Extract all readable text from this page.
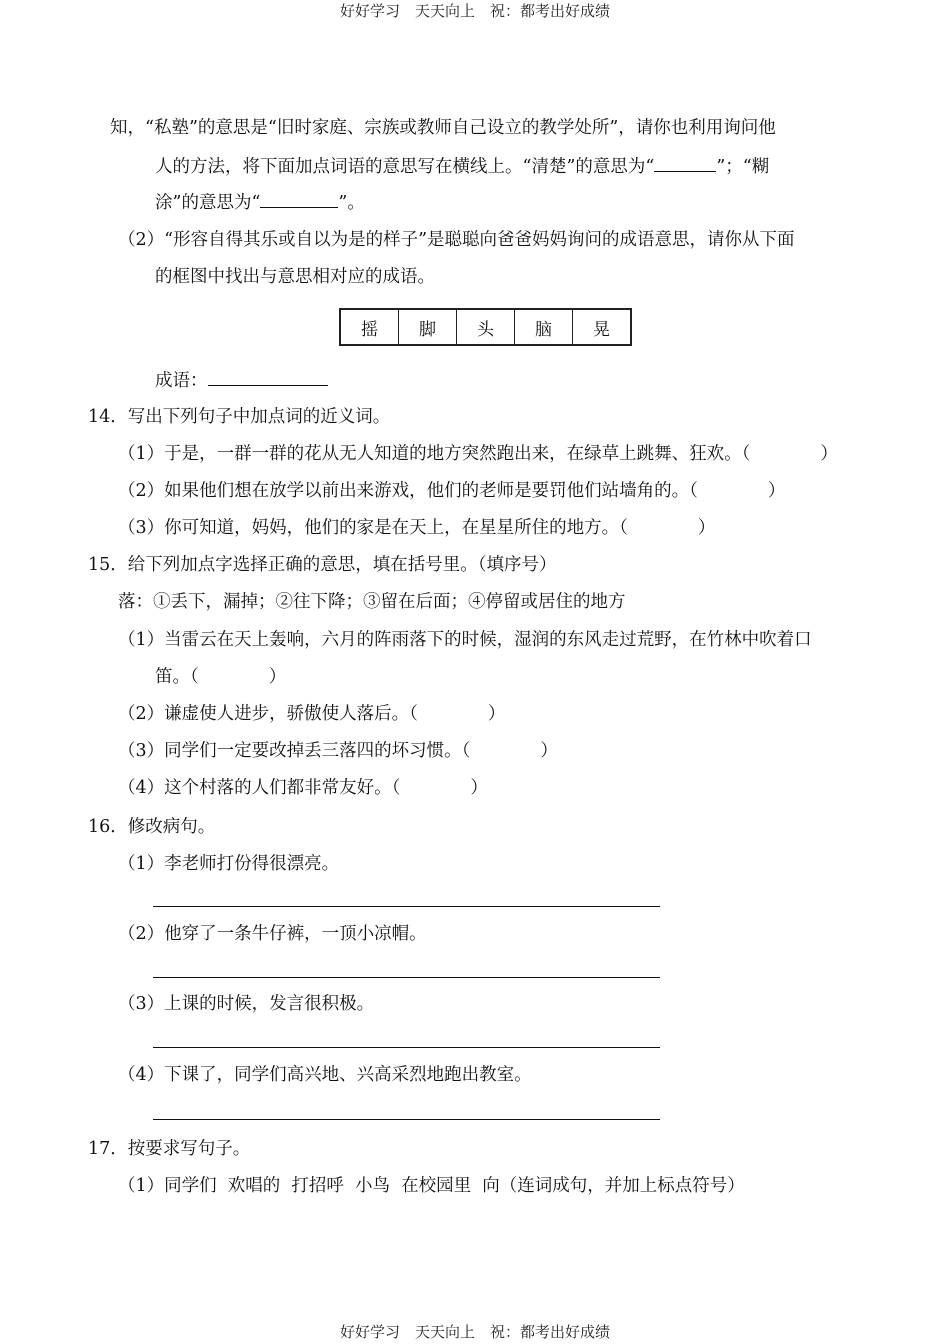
好好学习　天天向上　祝：都考出好成绩
知，“私塾”的意思是“旧时家庭、宗族或教师自己设立的教学处所”，请你也利用询问他
人的方法，将下面加点词语的意思写在横线上。“清楚”的意思为“	”；“糊
涂”的意思为“	”。
（2）“形容自得其乐或自以为是的样子”是聪聪向爸爸妈妈询问的成语意思，请你从下面
的框图中找出与意思相对应的成语。
摇	脚	头	脑	晃
成语：
14．写出下列句子中加点词的近义词。
（1）于是，一群一群的花从无人知道的地方突然跑出来，在绿草上跳舞、狂欢。（　　　　）
（2）如果他们想在放学以前出来游戏，他们的老师是要罚他们站墙角的。（　　　　）
（3）你可知道，妈妈，他们的家是在天上，在星星所住的地方。（　　　　）
15．给下列加点字选择正确的意思，填在括号里。（填序号）
落：①丢下，漏掉；②往下降；③留在后面；④停留或居住的地方
（1）当雷云在天上轰响，六月的阵雨落下的时候，湿润的东风走过荒野，在竹林中吹着口
笛。（　　　　）
（2）谦虚使人进步，骄傲使人落后。（　　　　）
（3）同学们一定要改掉丢三落四的坏习惯。（　　　　）
（4）这个村落的人们都非常友好。（　　　　）
16．修改病句。
（1）李老师打份得很漂亮。
（2）他穿了一条牛仔裤，一顶小凉帽。
（3）上课的时候，发言很积极。
（4）下课了，同学们高兴地、兴高采烈地跑出教室。
17．按要求写句子。
（1）同学们  欢唱的  打招呼  小鸟  在校园里  向（连词成句，并加上标点符号）
好好学习　天天向上　祝：都考出好成绩
